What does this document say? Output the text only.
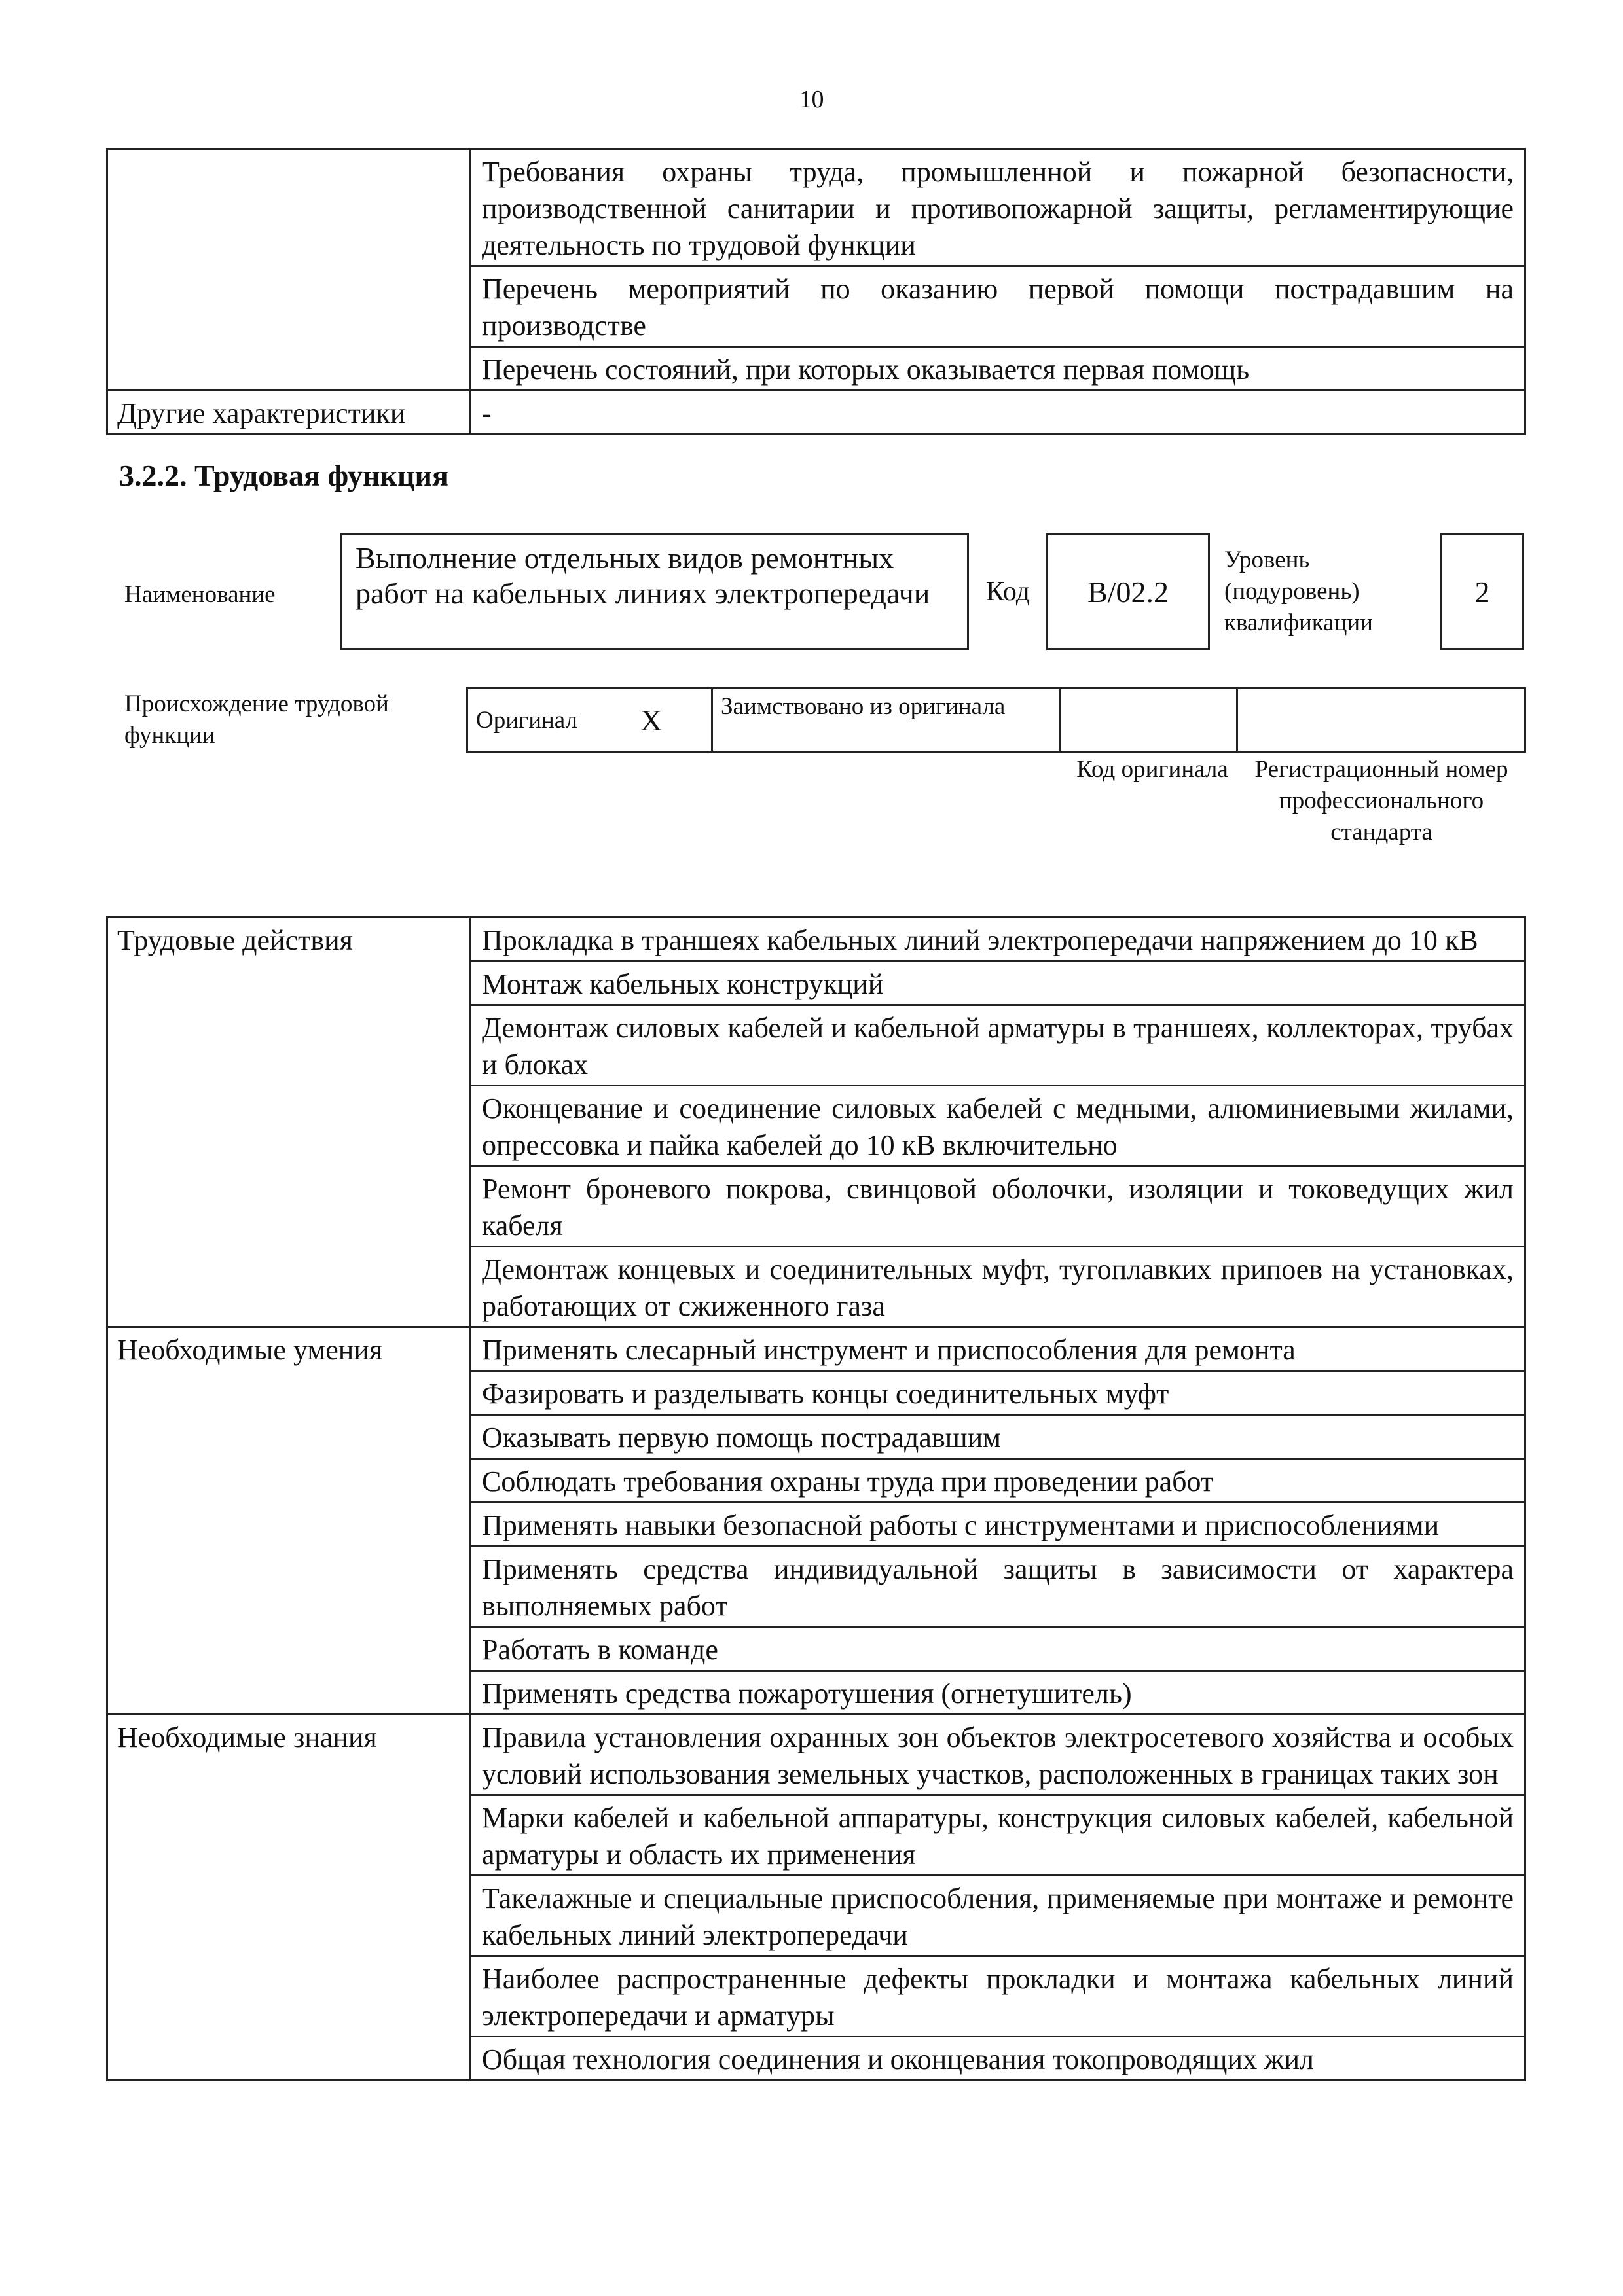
10
	Требования охраны труда, промышленной и пожарной безопасности, производственной санитарии и противопожарной защиты, регламентирующие деятельность по трудовой функции
	Перечень мероприятий по оказанию первой помощи пострадавшим на производстве
	Перечень состояний, при которых оказывается первая помощь
Другие характеристики	-
3.2.2. Трудовая функция
Наименование
Выполнение отдельных видов ремонтных работ на кабельных линиях электропередачи	Код B/02.2
Уровень (подуровень) квалификации
2
Происхождение трудовой функции
Оригинал	X	Заимствовано из оригинала		
Код оригинала	Регистрационный номер профессионального стандарта
Трудовые действия	Прокладка в траншеях кабельных линий электропередачи напряжением до 10 кВ
	Монтаж кабельных конструкций
	Демонтаж силовых кабелей и кабельной арматуры в траншеях, коллекторах, трубах и блоках
	Оконцевание и соединение силовых кабелей с медными, алюминиевыми жилами, опрессовка и пайка кабелей до 10 кВ включительно
	Ремонт броневого покрова, свинцовой оболочки, изоляции и токоведущих жил кабеля
	Демонтаж концевых и соединительных муфт, тугоплавких припоев на установках, работающих от сжиженного газа
Необходимые умения	Применять слесарный инструмент и приспособления для ремонта
	Фазировать и разделывать концы соединительных муфт
	Оказывать первую помощь пострадавшим
	Соблюдать требования охраны труда при проведении работ
	Применять навыки безопасной работы с инструментами и приспособлениями
	Применять средства индивидуальной защиты в зависимости от характера выполняемых работ
	Работать в команде
	Применять средства пожаротушения (огнетушитель)
Необходимые знания	Правила установления охранных зон объектов электросетевого хозяйства и особых условий использования земельных участков, расположенных в границах таких зон
	Марки кабелей и кабельной аппаратуры, конструкция силовых кабелей, кабельной арматуры и область их применения
	Такелажные и специальные приспособления, применяемые при монтаже и ремонте кабельных линий электропередачи
	Наиболее распространенные дефекты прокладки и монтажа кабельных линий электропередачи и арматуры
	Общая технология соединения и оконцевания токопроводящих жил
